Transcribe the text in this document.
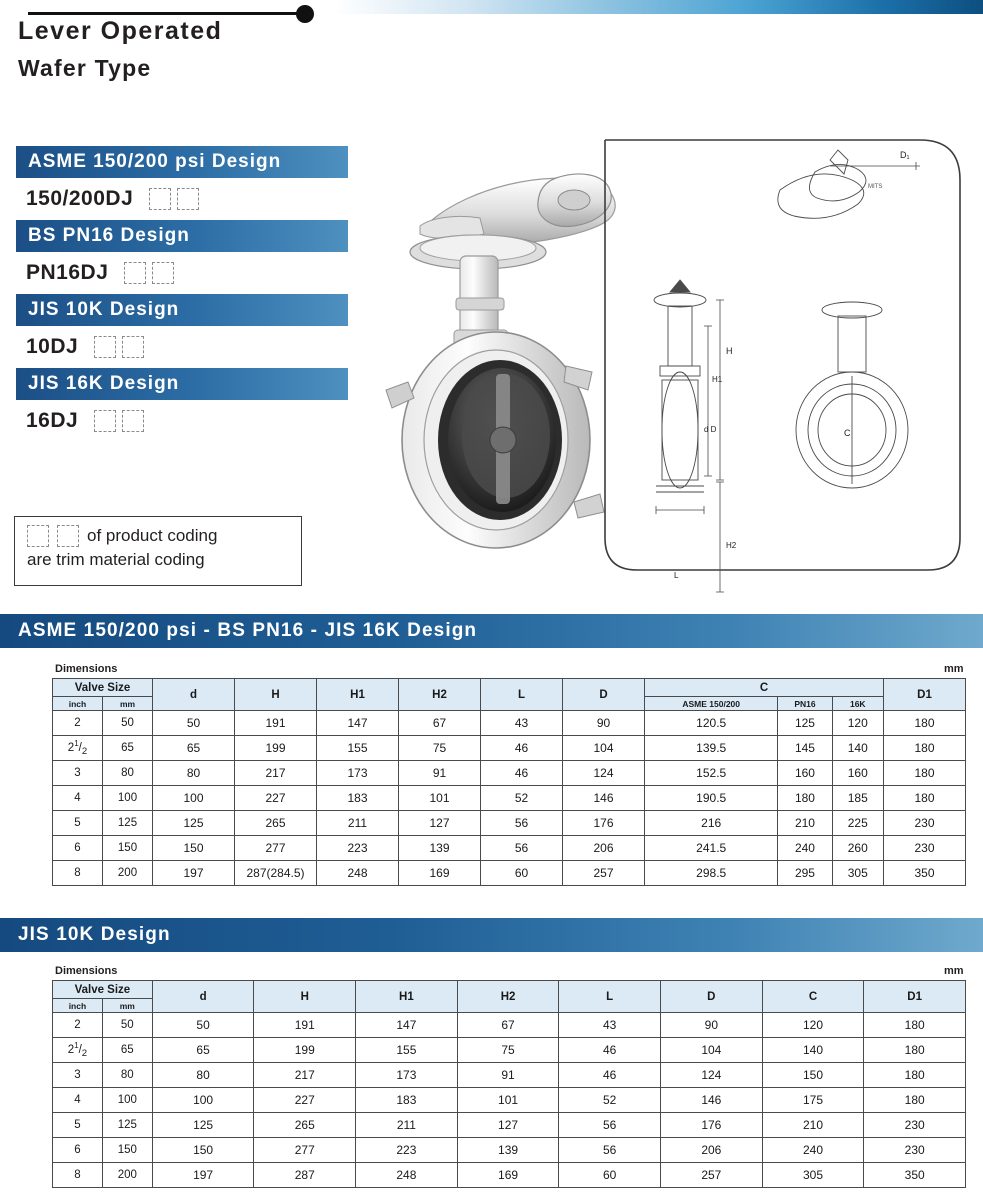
Lever Operated
Wafer Type
ASME 150/200 psi Design
150/200DJ
BS PN16 Design
PN16DJ
JIS 10K Design
10DJ
JIS 16K Design
16DJ
of product coding
are trim material coding
H
H1
H2
d D
L
D₁
C
MITS
ASME 150/200 psi - BS PN16 - JIS 16K Design
Dimensions	mm
Valve Size		d	H	H1	H2	L	D	C			D1
inch	mm							ASME 150/200	PN16	16K	
2	50	50	191	147	67	43	90	120.5	125	120	180
$2^1/_2$	65	65	199	155	75	46	104	139.5	145	140	180
3	80	80	217	173	91	46	124	152.5	160	160	180
4	100	100	227	183	101	52	146	190.5	180	185	180
5	125	125	265	211	127	56	176	216	210	225	230
6	150	150	277	223	139	56	206	241.5	240	260	230
8	200	197	287(284.5)	248	169	60	257	298.5	295	305	350
JIS 10K Design
Dimensions	mm
Valve Size		d	H	H1	H2	L	D	C	D1
inch	mm								
2	50	50	191	147	67	43	90	120	180
$2^1/_2$	65	65	199	155	75	46	104	140	180
3	80	80	217	173	91	46	124	150	180
4	100	100	227	183	101	52	146	175	180
5	125	125	265	211	127	56	176	210	230
6	150	150	277	223	139	56	206	240	230
8	200	197	287	248	169	60	257	305	350
